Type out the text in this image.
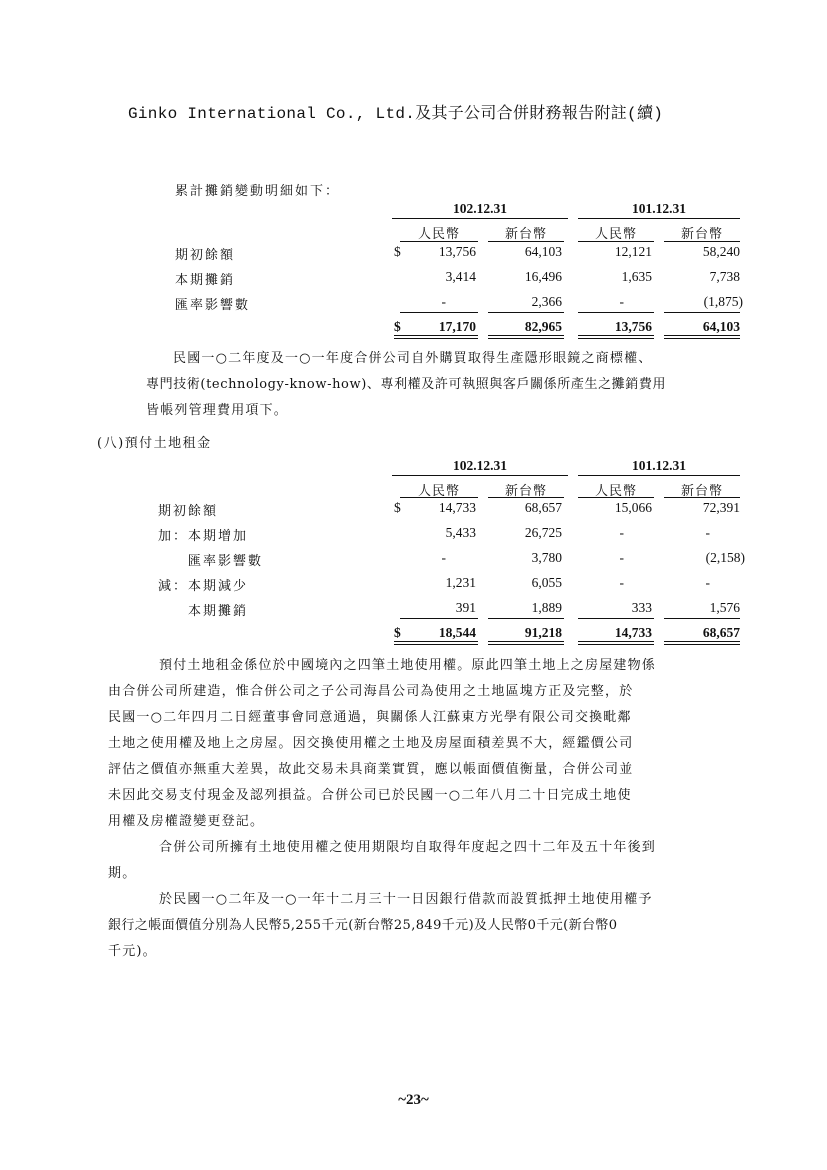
Ginko International Co., Ltd.及其子公司合併財務報告附註(續)
累計攤銷變動明細如下：
102.12.31	101.12.31
人民幣	新台幣	人民幣	新台幣
期初餘額	$	13,756	64,103	12,121	58,240
本期攤銷	3,414	16,496	1,635	7,738
匯率影響數	-	2,366	-	(1,875)
$	17,170	82,965	13,756	64,103
民國一○二年度及一○一年度合併公司自外購買取得生產隱形眼鏡之商標權、
專門技術(technology-know-how)、專利權及許可執照與客戶關係所產生之攤銷費用
皆帳列管理費用項下。
(八)預付土地租金
102.12.31	101.12.31
人民幣	新台幣	人民幣	新台幣
期初餘額	$	14,733	68,657	15,066	72,391
加：本期增加	5,433	26,725	-	-
匯率影響數	-	3,780	-	(2,158)
減：本期減少	1,231	6,055	-	-
本期攤銷	391	1,889	333	1,576
$	18,544	91,218	14,733	68,657
預付土地租金係位於中國境內之四筆土地使用權。原此四筆土地上之房屋建物係
由合併公司所建造，惟合併公司之子公司海昌公司為使用之土地區塊方正及完整，於
民國一○二年四月二日經董事會同意通過，與關係人江蘇東方光學有限公司交換毗鄰
土地之使用權及地上之房屋。因交換使用權之土地及房屋面積差異不大，經鑑價公司
評估之價值亦無重大差異，故此交易未具商業實質，應以帳面價值衡量，合併公司並
未因此交易支付現金及認列損益。合併公司已於民國一○二年八月二十日完成土地使
用權及房權證變更登記。
合併公司所擁有土地使用權之使用期限均自取得年度起之四十二年及五十年後到
期。
於民國一○二年及一○一年十二月三十一日因銀行借款而設質抵押土地使用權予
銀行之帳面價值分別為人民幣5,255千元(新台幣25,849千元)及人民幣0千元(新台幣0
千元)。
~23~
